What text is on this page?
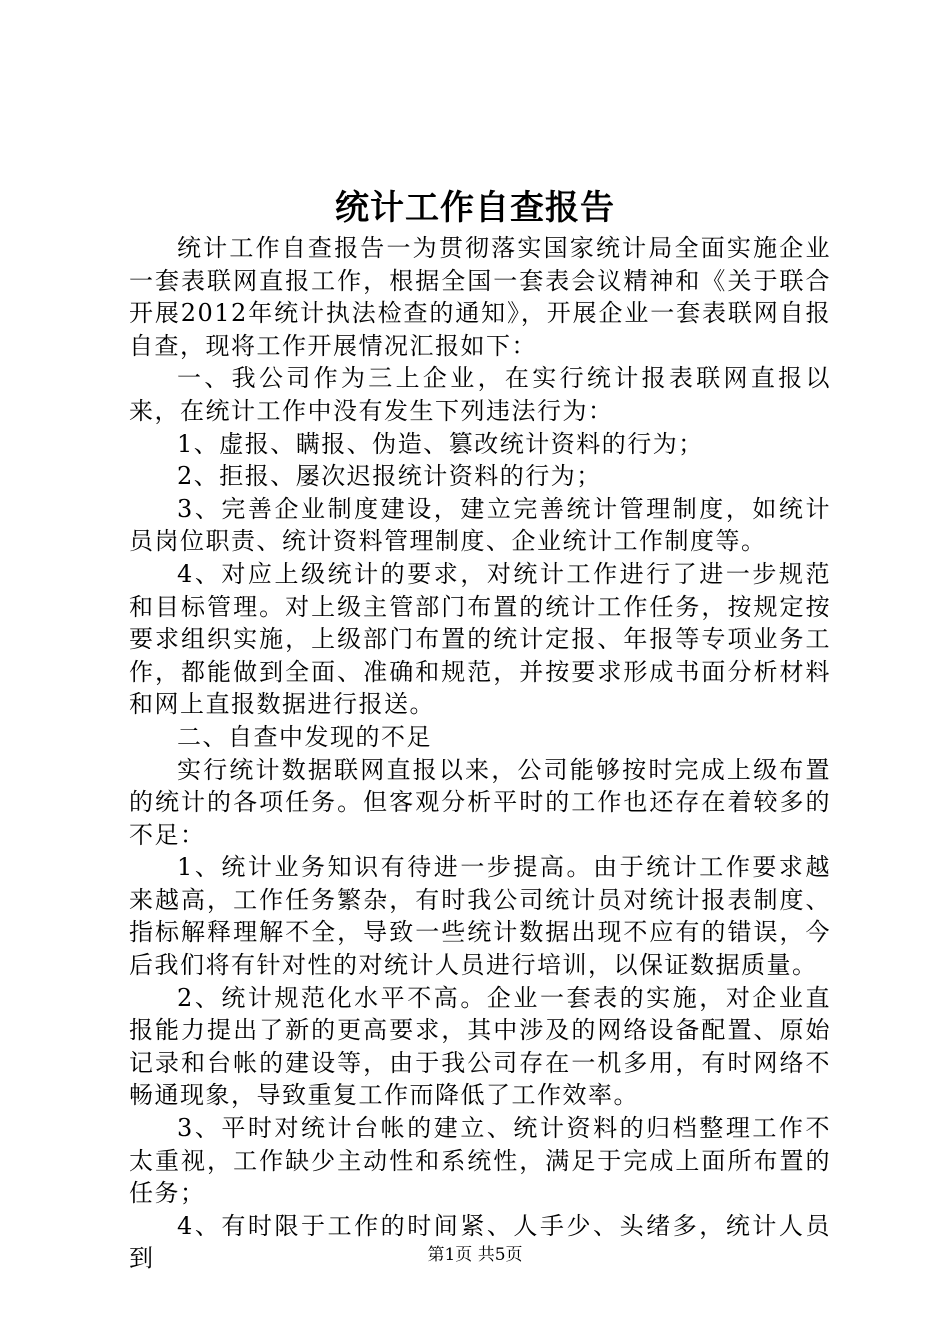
统计工作自查报告

统计工作自查报告一为贯彻落实国家统计局全面实施企业一套表联网直报工作，根据全国一套表会议精神和《关于联合开展2012年统计执法检查的通知》，开展企业一套表联网自报自查，现将工作开展情况汇报如下：

一、我公司作为三上企业，在实行统计报表联网直报以来，在统计工作中没有发生下列违法行为：

1、虚报、瞒报、伪造、篡改统计资料的行为；

2、拒报、屡次迟报统计资料的行为；

3、完善企业制度建设，建立完善统计管理制度，如统计员岗位职责、统计资料管理制度、企业统计工作制度等。

4、对应上级统计的要求，对统计工作进行了进一步规范和目标管理。对上级主管部门布置的统计工作任务，按规定按要求组织实施，上级部门布置的统计定报、年报等专项业务工作，都能做到全面、准确和规范，并按要求形成书面分析材料和网上直报数据进行报送。

二、自查中发现的不足

实行统计数据联网直报以来，公司能够按时完成上级布置的统计的各项任务。但客观分析平时的工作也还存在着较多的不足：

1、统计业务知识有待进一步提高。由于统计工作要求越来越高，工作任务繁杂，有时我公司统计员对统计报表制度、指标解释理解不全，导致一些统计数据出现不应有的错误，今后我们将有针对性的对统计人员进行培训，以保证数据质量。

2、统计规范化水平不高。企业一套表的实施，对企业直报能力提出了新的更高要求，其中涉及的网络设备配置、原始记录和台帐的建设等，由于我公司存在一机多用，有时网络不畅通现象，导致重复工作而降低了工作效率。

3、平时对统计台帐的建立、统计资料的归档整理工作不太重视，工作缺少主动性和系统性，满足于完成上面所布置的任务；

4、有时限于工作的时间紧、人手少、头绪多，统计人员到	第1页 共5页
